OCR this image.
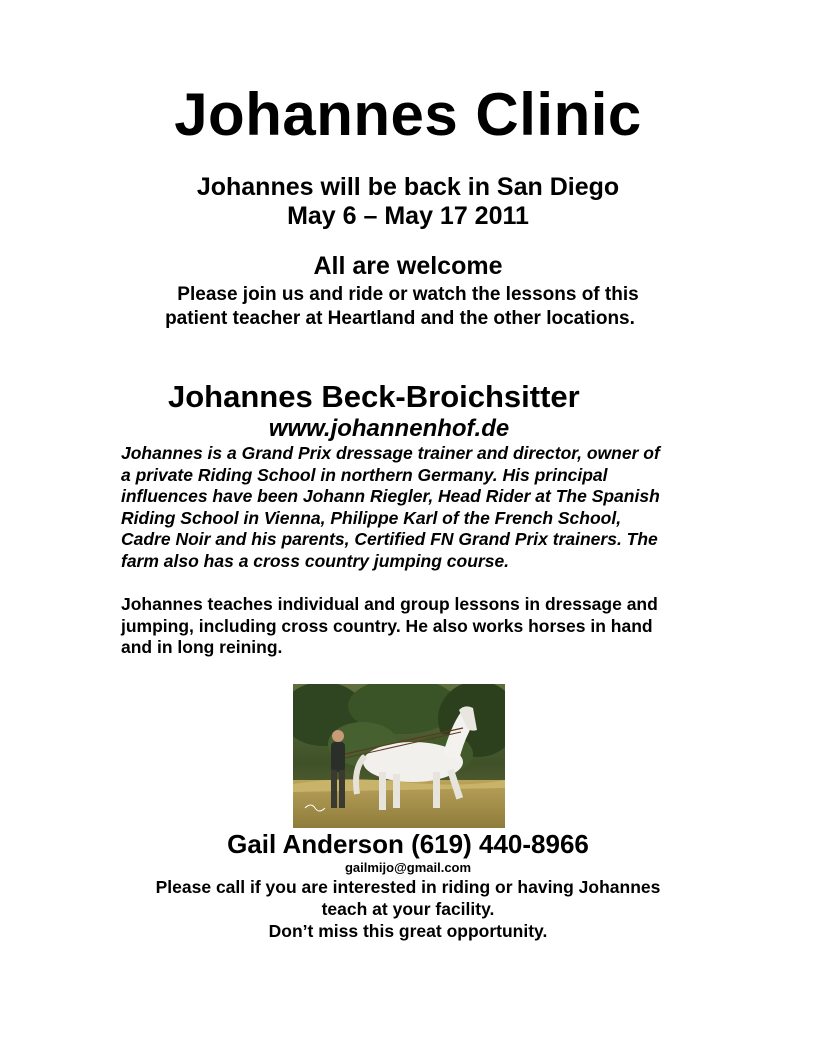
Johannes Clinic
Johannes will be back in San Diego
May 6 – May 17 2011
All are welcome
Please join us and ride or watch the lessons of this
patient teacher at Heartland and the other locations.
Johannes Beck-Broichsitter
www.johannenhof.de
Johannes is a Grand Prix dressage trainer and director, owner of
a private Riding School in northern Germany. His principal
influences have been Johann Riegler, Head Rider at The Spanish
Riding School in Vienna, Philippe Karl of the French School,
Cadre Noir and his parents, Certified FN Grand Prix trainers. The
farm also has a cross country jumping course.
Johannes teaches individual and group lessons in dressage and
jumping, including cross country. He also works horses in hand
and in long reining.
Gail Anderson (619) 440-8966
gailmijo@gmail.com
Please call if you are interested in riding or having Johannes
teach at your facility.
Don’t miss this great opportunity.
